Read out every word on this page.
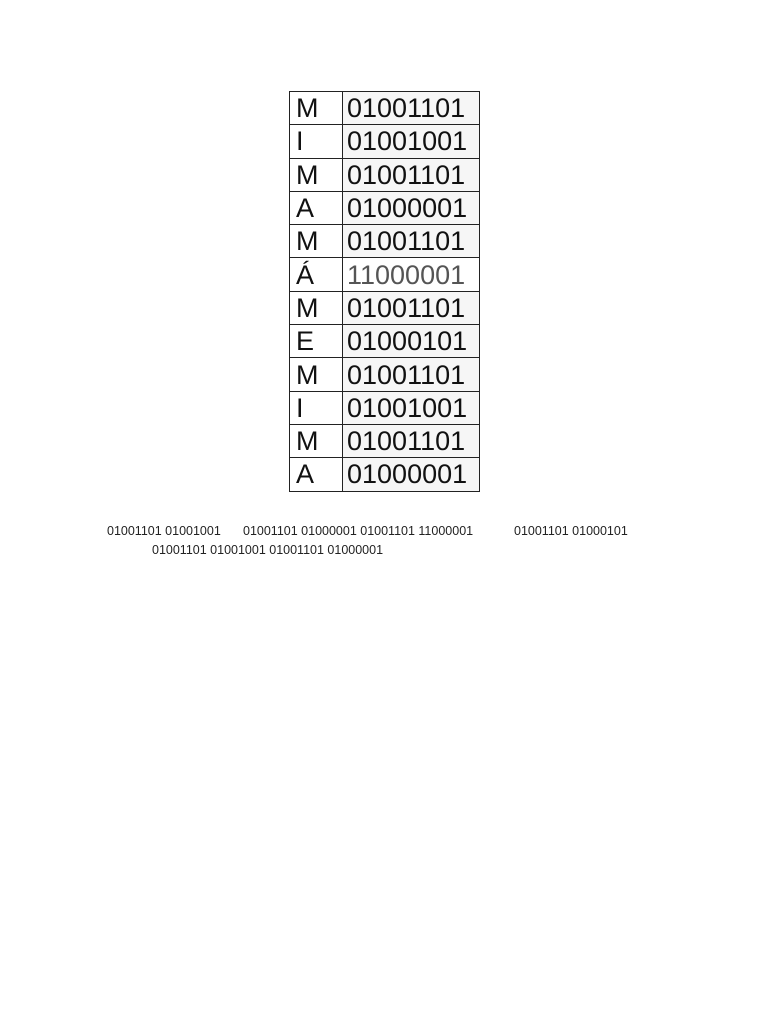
M	01001101
I	01001001
M	01001101
A	01000001
M	01001101
Á	11000001
M	01001101
E	01000101
M	01001101
I	01001001
M	01001101
A	01000001
01001101 01001001 01001101 01000001 01001101 11000001	01001101 01000101
01001101 01001001 01001101 01000001
